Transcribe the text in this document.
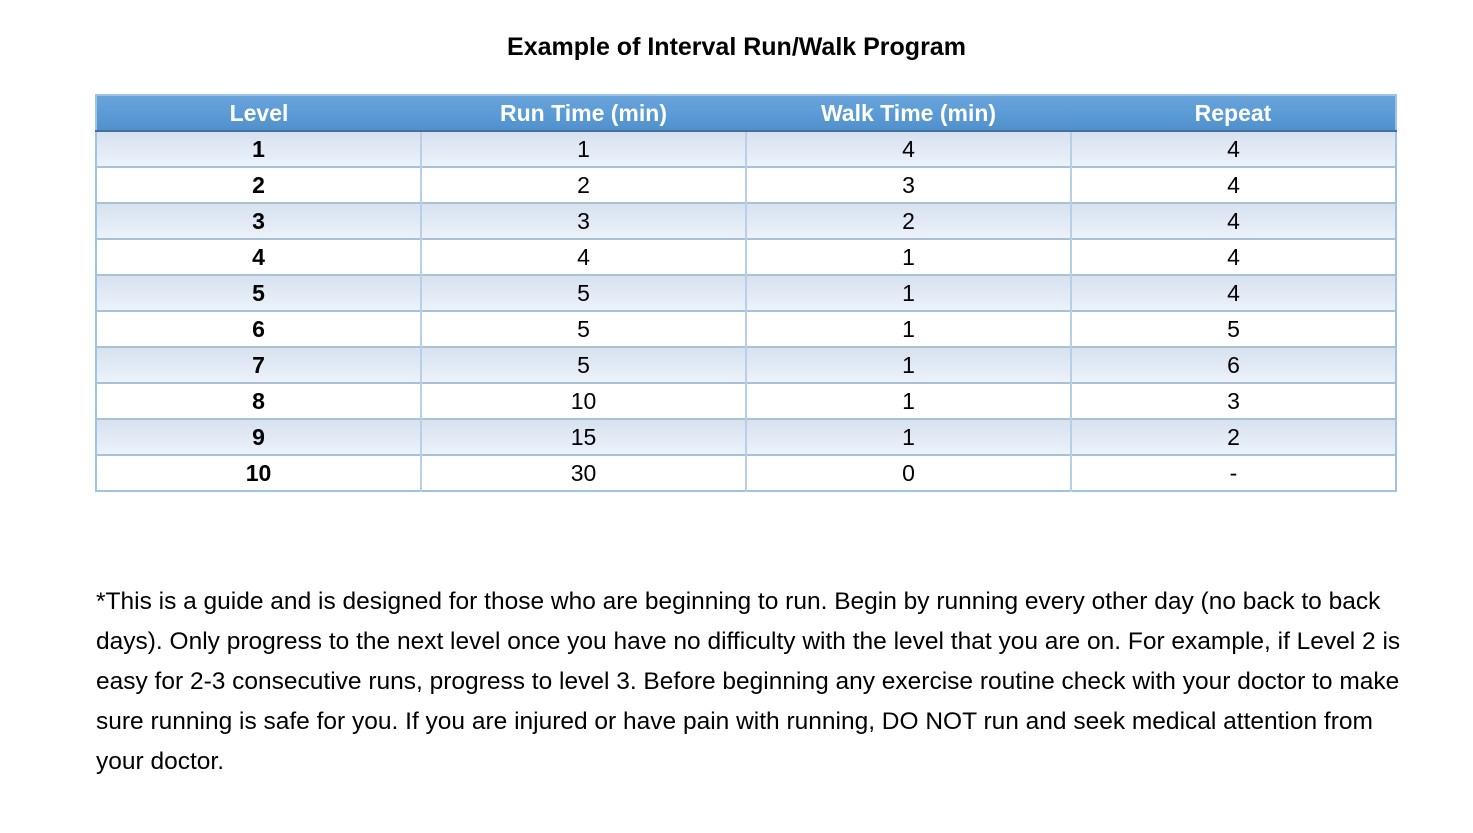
Example of Interval Run/Walk Program
Level	Run Time (min)	Walk Time (min)	Repeat
1	1	4	4
2	2	3	4
3	3	2	4
4	4	1	4
5	5	1	4
6	5	1	5
7	5	1	6
8	10	1	3
9	15	1	2
10	30	0	-

*This is a guide and is designed for those who are beginning to run. Begin by running every other day (no back to back days). Only progress to the next level once you have no difficulty with the level that you are on. For example, if Level 2 is easy for 2-3 consecutive runs, progress to level 3. Before beginning any exercise routine check with your doctor to make sure running is safe for you. If you are injured or have pain with running, DO NOT run and seek medical attention from your doctor.
